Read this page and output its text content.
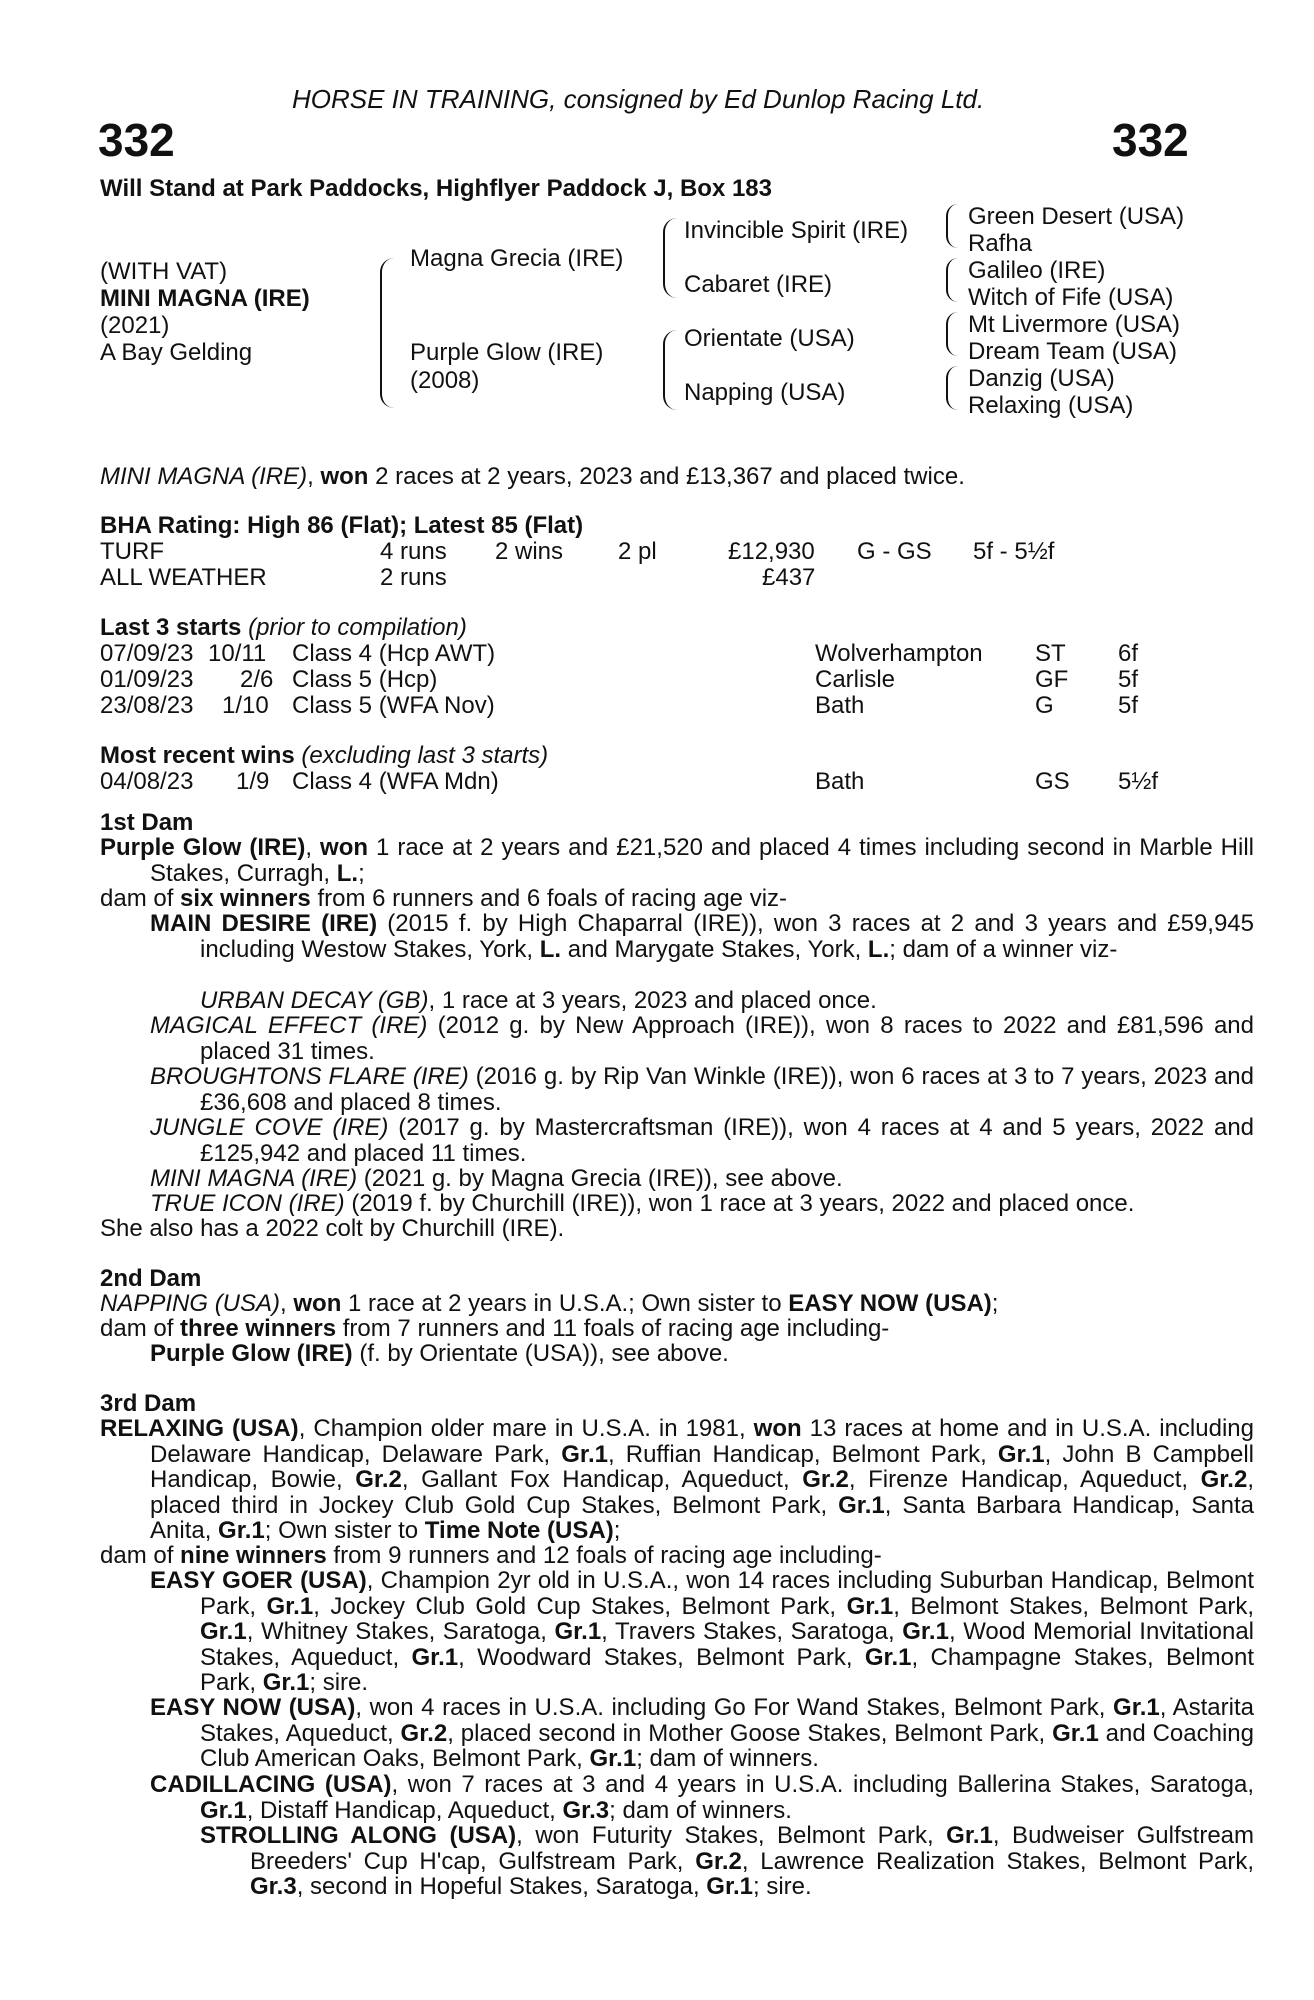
HORSE IN TRAINING, consigned by Ed Dunlop Racing Ltd.
332	332
Will Stand at Park Paddocks, Highflyer Paddock J, Box 183
(WITH VAT)
MINI MAGNA (IRE)
(2021)
A Bay Gelding
Magna Grecia (IRE)
Purple Glow (IRE)
(2008)
Invincible Spirit (IRE)
Cabaret (IRE)
Orientate (USA)
Napping (USA)
Green Desert (USA)
Rafha
Galileo (IRE)
Witch of Fife (USA)
Mt Livermore (USA)
Dream Team (USA)
Danzig (USA)
Relaxing (USA)
MINI MAGNA (IRE), won 2 races at 2 years, 2023 and £13,367 and placed twice.
BHA Rating: High 86 (Flat); Latest 85 (Flat)
TURF	4 runs 2 wins 2 pl	£12,930 G - GS 5f - 5½f
ALL WEATHER	2 runs	£437
Last 3 starts (prior to compilation)
07/09/23 10/11 Class 4 (Hcp AWT)	Wolverhampton ST 6f
01/09/23 2/6 Class 5 (Hcp)	Carlisle	GF 5f
23/08/23 1/10 Class 5 (WFA Nov)	Bath	G	5f
Most recent wins (excluding last 3 starts)
04/08/23 1/9 Class 4 (WFA Mdn)	Bath	GS 5½f
1st Dam
Purple Glow (IRE), won 1 race at 2 years and £21,520 and placed 4 times including second in Marble Hill Stakes, Curragh, L.;
dam of six winners from 6 runners and 6 foals of racing age viz-
MAIN DESIRE (IRE) (2015 f. by High Chaparral (IRE)), won 3 races at 2 and 3 years and £59,945 including Westow Stakes, York, L. and Marygate Stakes, York, L.; dam of a winner viz-
URBAN DECAY (GB), 1 race at 3 years, 2023 and placed once.
MAGICAL EFFECT (IRE) (2012 g. by New Approach (IRE)), won 8 races to 2022 and £81,596 and placed 31 times.
BROUGHTONS FLARE (IRE) (2016 g. by Rip Van Winkle (IRE)), won 6 races at 3 to 7 years, 2023 and £36,608 and placed 8 times.
JUNGLE COVE (IRE) (2017 g. by Mastercraftsman (IRE)), won 4 races at 4 and 5 years, 2022 and £125,942 and placed 11 times.
MINI MAGNA (IRE) (2021 g. by Magna Grecia (IRE)), see above.
TRUE ICON (IRE) (2019 f. by Churchill (IRE)), won 1 race at 3 years, 2022 and placed once.
She also has a 2022 colt by Churchill (IRE).
2nd Dam
NAPPING (USA), won 1 race at 2 years in U.S.A.; Own sister to EASY NOW (USA);
dam of three winners from 7 runners and 11 foals of racing age including-
Purple Glow (IRE) (f. by Orientate (USA)), see above.
3rd Dam
RELAXING (USA), Champion older mare in U.S.A. in 1981, won 13 races at home and in U.S.A. including Delaware Handicap, Delaware Park, Gr.1, Ruffian Handicap, Belmont Park, Gr.1, John B Campbell Handicap, Bowie, Gr.2, Gallant Fox Handicap, Aqueduct, Gr.2, Firenze Handicap, Aqueduct, Gr.2, placed third in Jockey Club Gold Cup Stakes, Belmont Park, Gr.1, Santa Barbara Handicap, Santa Anita, Gr.1; Own sister to Time Note (USA);
dam of nine winners from 9 runners and 12 foals of racing age including-
EASY GOER (USA), Champion 2yr old in U.S.A., won 14 races including Suburban Handicap, Belmont Park, Gr.1, Jockey Club Gold Cup Stakes, Belmont Park, Gr.1, Belmont Stakes, Belmont Park, Gr.1, Whitney Stakes, Saratoga, Gr.1, Travers Stakes, Saratoga, Gr.1, Wood Memorial Invitational Stakes, Aqueduct, Gr.1, Woodward Stakes, Belmont Park, Gr.1, Champagne Stakes, Belmont Park, Gr.1; sire.
EASY NOW (USA), won 4 races in U.S.A. including Go For Wand Stakes, Belmont Park, Gr.1, Astarita Stakes, Aqueduct, Gr.2, placed second in Mother Goose Stakes, Belmont Park, Gr.1 and Coaching Club American Oaks, Belmont Park, Gr.1; dam of winners.
CADILLACING (USA), won 7 races at 3 and 4 years in U.S.A. including Ballerina Stakes, Saratoga, Gr.1, Distaff Handicap, Aqueduct, Gr.3; dam of winners.
STROLLING ALONG (USA), won Futurity Stakes, Belmont Park, Gr.1, Budweiser Gulfstream Breeders' Cup H'cap, Gulfstream Park, Gr.2, Lawrence Realization Stakes, Belmont Park, Gr.3, second in Hopeful Stakes, Saratoga, Gr.1; sire.
